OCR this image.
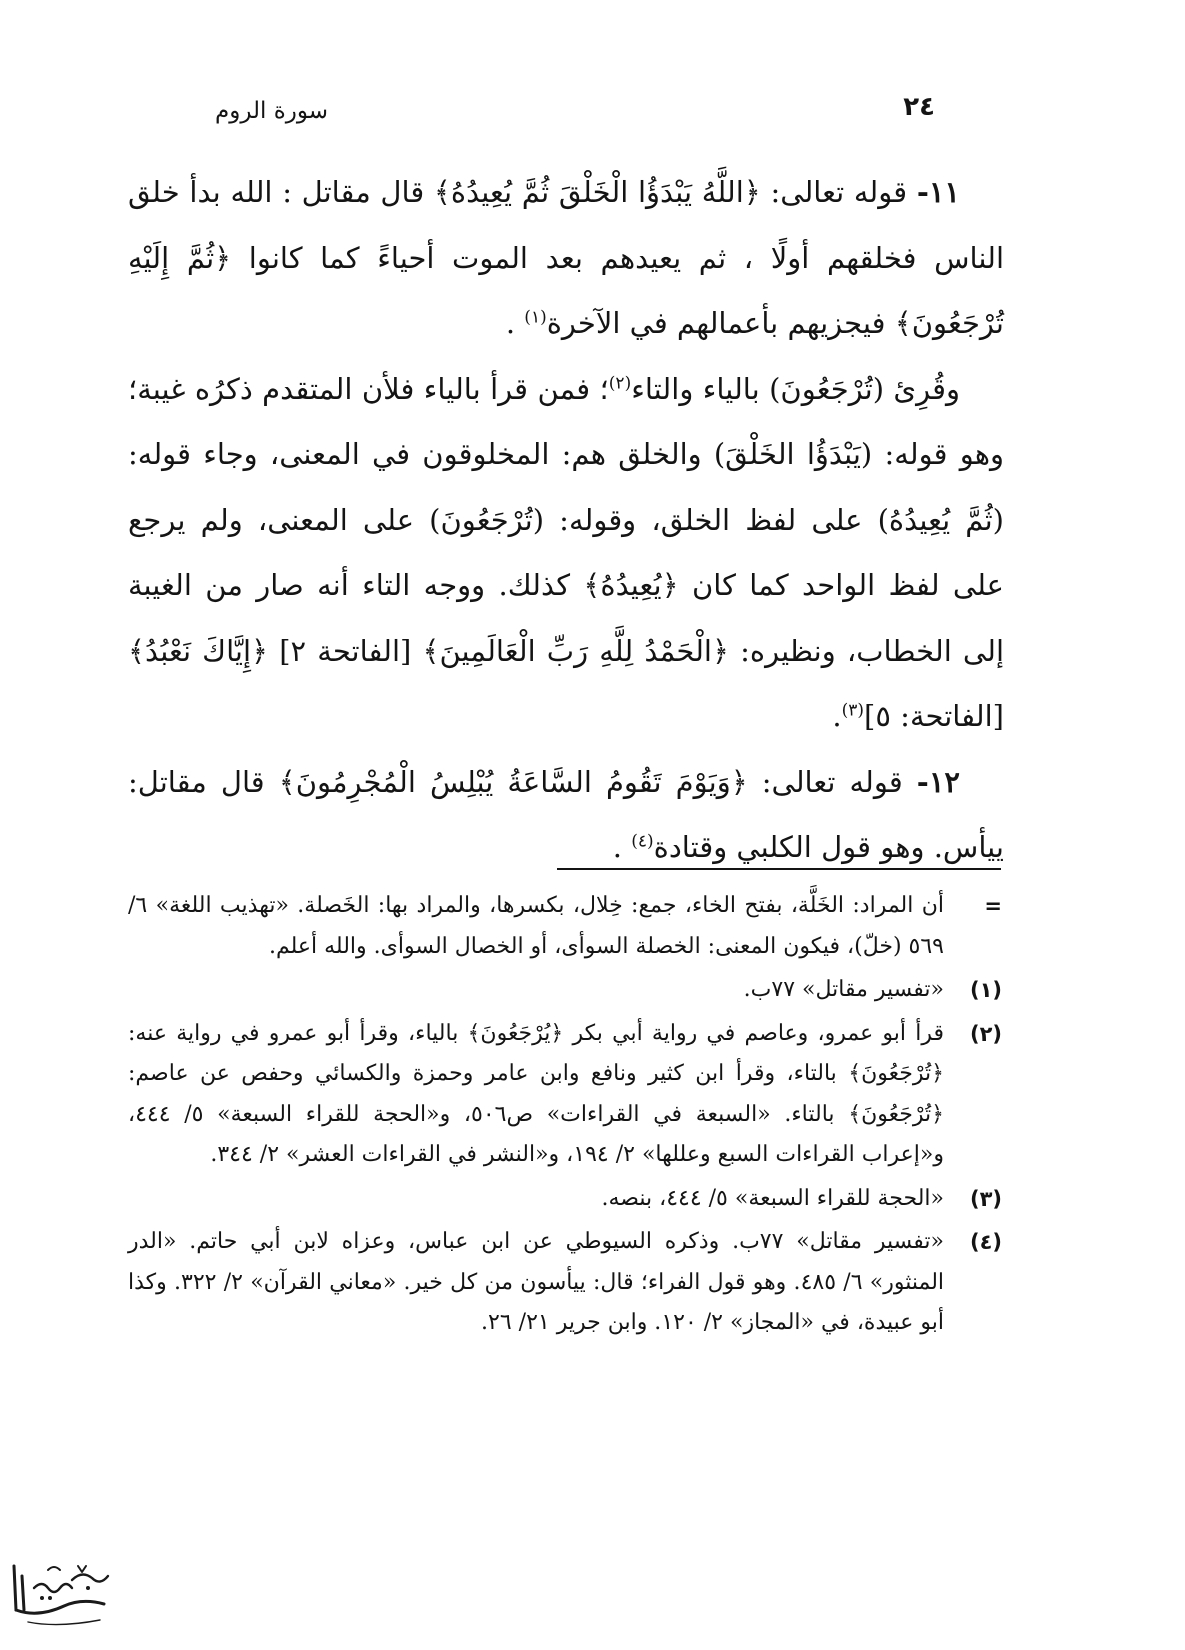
سورة الروم	٢٤

١١- قوله تعالى: ﴿اللَّهُ يَبْدَؤُا الْخَلْقَ ثُمَّ يُعِيدُهُ﴾ قال مقاتل : الله بدأ خلق الناس فخلقهم أولًا ، ثم يعيدهم بعد الموت أحياءً كما كانوا ﴿ثُمَّ إِلَيْهِ تُرْجَعُونَ﴾ فيجزيهم بأعمالهم في الآخرة$^{(١)}$ .

وقُرِئ (تُرْجَعُونَ) بالياء والتاء$^{(٢)}$؛ فمن قرأ بالياء فلأن المتقدم ذكرُه غيبة؛ وهو قوله: (يَبْدَؤُا الخَلْقَ) والخلق هم: المخلوقون في المعنى، وجاء قوله: (ثُمَّ يُعِيدُهُ) على لفظ الخلق، وقوله: (تُرْجَعُونَ) على المعنى، ولم يرجع على لفظ الواحد كما كان ﴿يُعِيدُهُ﴾ كذلك. ووجه التاء أنه صار من الغيبة إلى الخطاب، ونظيره: ﴿الْحَمْدُ لِلَّهِ رَبِّ الْعَالَمِينَ﴾ [الفاتحة ٢] ﴿إِيَّاكَ نَعْبُدُ﴾ [الفاتحة: ٥]$^{(٣)}$.

١٢- قوله تعالى: ﴿وَيَوْمَ تَقُومُ السَّاعَةُ يُبْلِسُ الْمُجْرِمُونَ﴾ قال مقاتل: ييأس. وهو قول الكلبي وقتادة$^{(٤)}$ .

=
أن المراد: الخَلَّة، بفتح الخاء، جمع: خِلال، بكسرها، والمراد بها: الخَصلة. «تهذيب اللغة» ٦/ ٥٦٩ (خلّ)، فيكون المعنى: الخصلة السوأى، أو الخصال السوأى. والله أعلم.
(١)
«تفسير مقاتل» ٧٧ب.
(٢)
قرأ أبو عمرو، وعاصم في رواية أبي بكر ﴿يُرْجَعُونَ﴾ بالياء، وقرأ أبو عمرو في رواية عنه: ﴿تُرْجَعُونَ﴾ بالتاء، وقرأ ابن كثير ونافع وابن عامر وحمزة والكسائي وحفص عن عاصم: ﴿تُرْجَعُونَ﴾ بالتاء. «السبعة في القراءات» ص٥٠٦، و«الحجة للقراء السبعة» ٥/ ٤٤٤، و«إعراب القراءات السبع وعللها» ٢/ ١٩٤، و«النشر في القراءات العشر» ٢/ ٣٤٤.
(٣)
«الحجة للقراء السبعة» ٥/ ٤٤٤، بنصه.
(٤)
«تفسير مقاتل» ٧٧ب. وذكره السيوطي عن ابن عباس، وعزاه لابن أبي حاتم. «الدر المنثور» ٦/ ٤٨٥. وهو قول الفراء؛ قال: ييأسون من كل خير. «معاني القرآن» ٢/ ٣٢٢. وكذا أبو عبيدة، في «المجاز» ٢/ ١٢٠. وابن جرير ٢١/ ٢٦.
